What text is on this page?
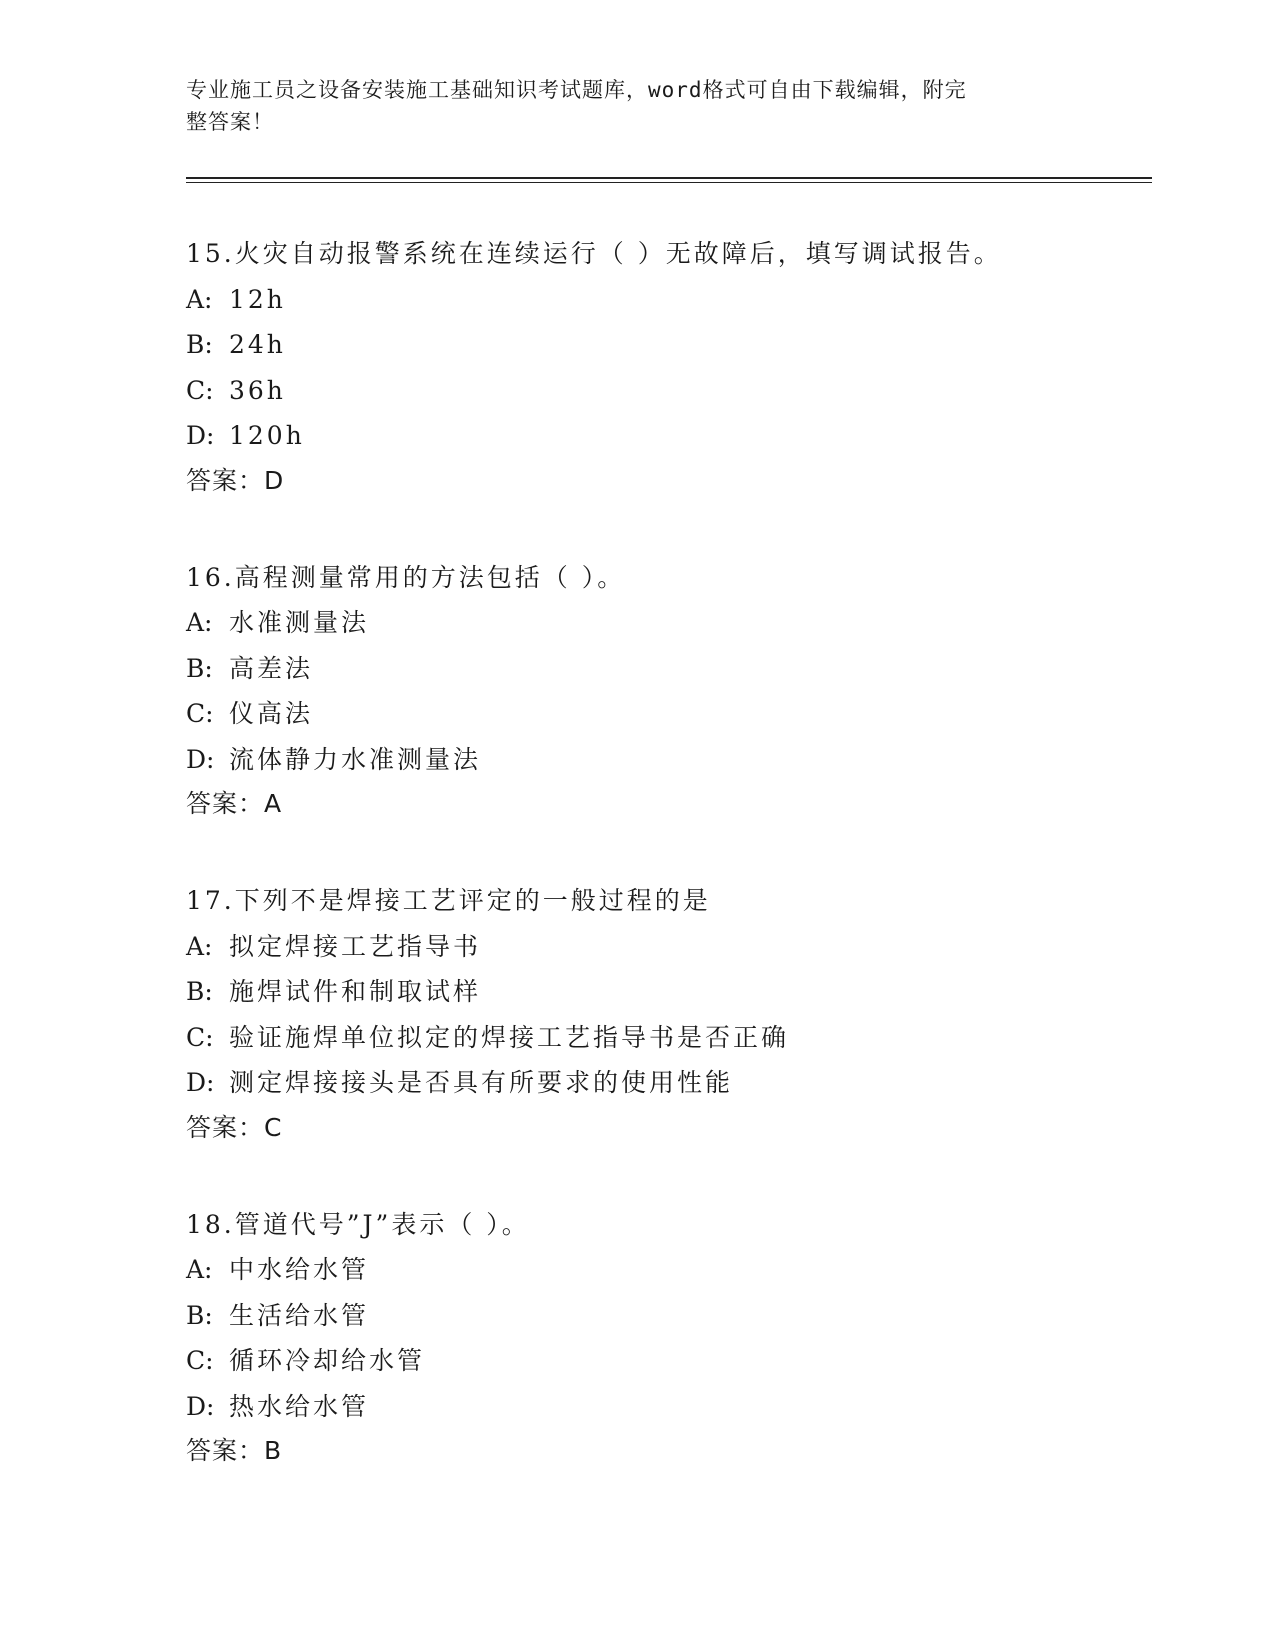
专业施工员之设备安装施工基础知识考试题库，word格式可自由下载编辑，附完
整答案！
15.火灾自动报警系统在连续运行（ ）无故障后，填写调试报告。
A: 12h
B: 24h
C: 36h
D: 120h
答案：D
16.高程测量常用的方法包括（ ）。
A: 水准测量法
B: 高差法
C: 仪高法
D: 流体静力水准测量法
答案：A
17.下列不是焊接工艺评定的一般过程的是
A: 拟定焊接工艺指导书
B: 施焊试件和制取试样
C: 验证施焊单位拟定的焊接工艺指导书是否正确
D: 测定焊接接头是否具有所要求的使用性能
答案：C
18.管道代号”J”表示（ ）。
A: 中水给水管
B: 生活给水管
C: 循环冷却给水管
D: 热水给水管
答案：B
